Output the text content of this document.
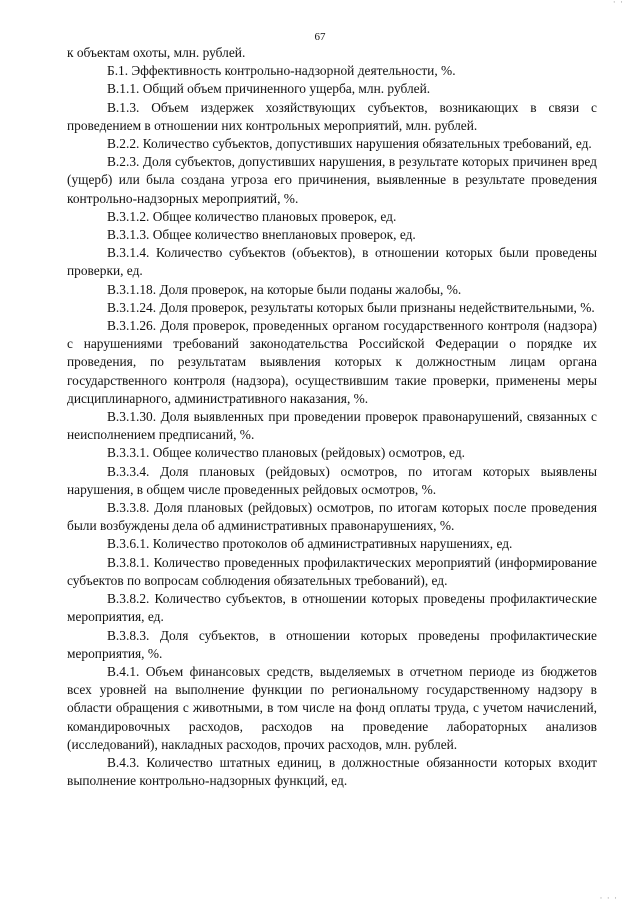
· ·
67

к объектам охоты, млн. рублей.

Б.1. Эффективность контрольно-надзорной деятельности, %.

В.1.1. Общий объем причиненного ущерба, млн. рублей.

В.1.3. Объем издержек хозяйствующих субъектов, возникающих в связи с проведением в отношении них контрольных мероприятий, млн. рублей.

В.2.2. Количество субъектов, допустивших нарушения обязательных требований, ед.

В.2.3. Доля субъектов, допустивших нарушения, в результате которых причинен вред (ущерб) или была создана угроза его причинения, выявленные в результате проведения контрольно-надзорных мероприятий, %.

В.3.1.2. Общее количество плановых проверок, ед.

В.3.1.3. Общее количество внеплановых проверок, ед.

В.3.1.4. Количество субъектов (объектов), в отношении которых были проведены проверки, ед.

В.3.1.18. Доля проверок, на которые были поданы жалобы, %.

В.3.1.24. Доля проверок, результаты которых были признаны недействительными, %.

В.3.1.26. Доля проверок, проведенных органом государственного контроля (надзора) с нарушениями требований законодательства Российской Федерации о порядке их проведения, по результатам выявления которых к должностным лицам органа государственного контроля (надзора), осуществившим такие проверки, применены меры дисциплинарного, административного наказания, %.

В.3.1.30. Доля выявленных при проведении проверок правонарушений, связанных с неисполнением предписаний, %.

В.3.3.1. Общее количество плановых (рейдовых) осмотров, ед.

В.3.3.4. Доля плановых (рейдовых) осмотров, по итогам которых выявлены нарушения, в общем числе проведенных рейдовых осмотров, %.

В.3.3.8. Доля плановых (рейдовых) осмотров, по итогам которых после проведения были возбуждены дела об административных правонарушениях, %.

В.3.6.1. Количество протоколов об административных нарушениях, ед.

В.3.8.1. Количество проведенных профилактических мероприятий (информирование субъектов по вопросам соблюдения обязательных требований), ед.

В.3.8.2. Количество субъектов, в отношении которых проведены профилактические мероприятия, ед.

В.3.8.3. Доля субъектов, в отношении которых проведены профилактические мероприятия, %.

В.4.1. Объем финансовых средств, выделяемых в отчетном периоде из бюджетов всех уровней на выполнение функции по региональному государственному надзору в области обращения с животными, в том числе на фонд оплаты труда, с учетом начислений, командировочных расходов, расходов на проведение лабораторных анализов (исследований), накладных расходов, прочих расходов, млн. рублей.

В.4.3. Количество штатных единиц, в должностные обязанности которых входит выполнение контрольно-надзорных функций, ед.

· · ·
